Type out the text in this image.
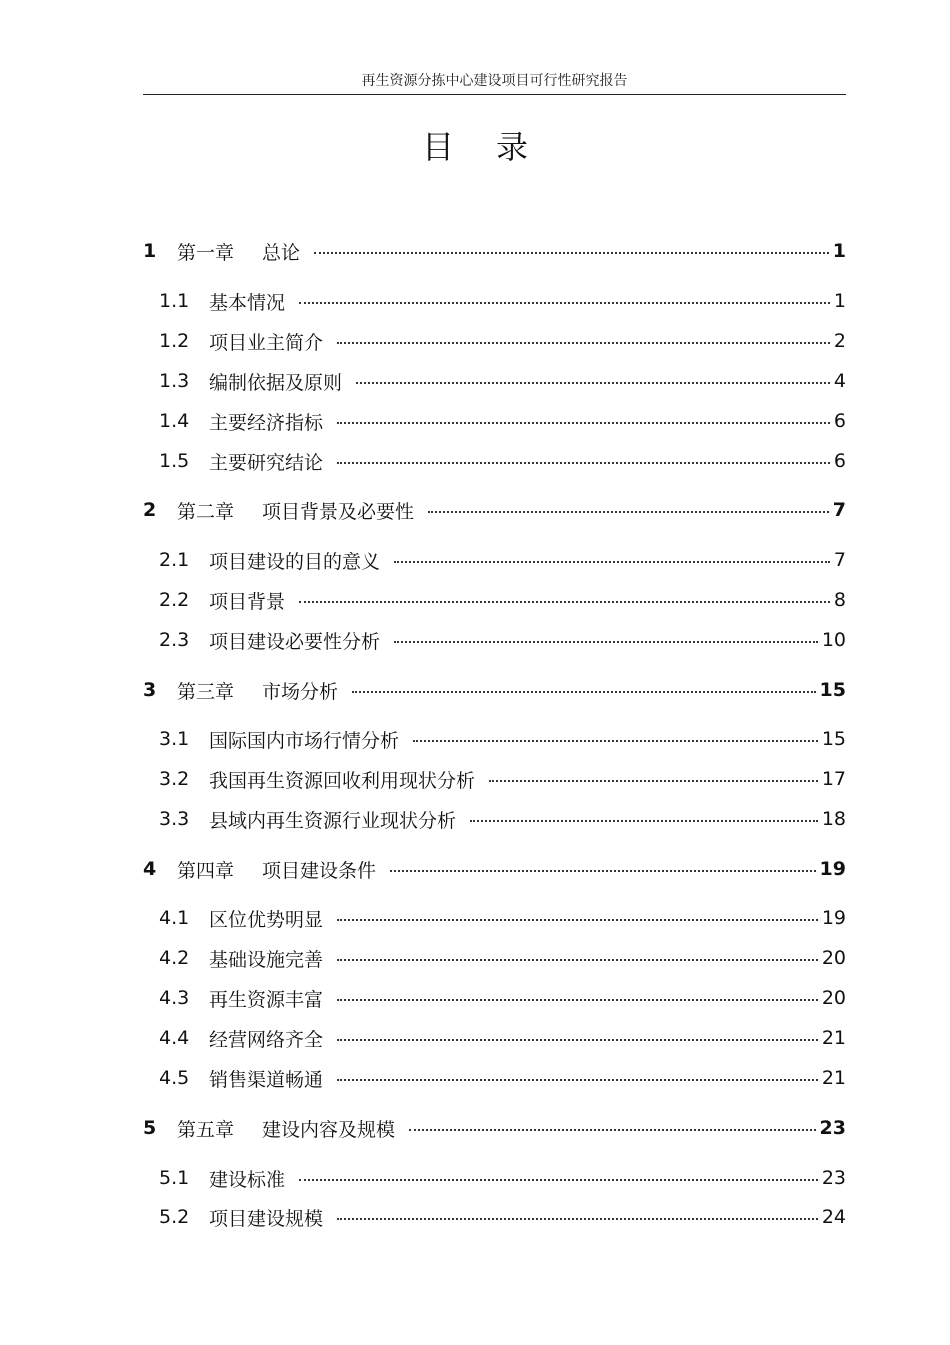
再生资源分拣中心建设项目可行性研究报告
目录
1	第一章 总论	1
1.1	基本情况	1
1.2	项目业主简介	2
1.3	编制依据及原则	4
1.4	主要经济指标	6
1.5	主要研究结论	6
2	第二章 项目背景及必要性	7
2.1	项目建设的目的意义	7
2.2	项目背景	8
2.3	项目建设必要性分析	10
3	第三章 市场分析	15
3.1	国际国内市场行情分析	15
3.2	我国再生资源回收利用现状分析	17
3.3	县域内再生资源行业现状分析	18
4	第四章 项目建设条件	19
4.1	区位优势明显	19
4.2	基础设施完善	20
4.3	再生资源丰富	20
4.4	经营网络齐全	21
4.5	销售渠道畅通	21
5	第五章 建设内容及规模	23
5.1	建设标准	23
5.2	项目建设规模	24
